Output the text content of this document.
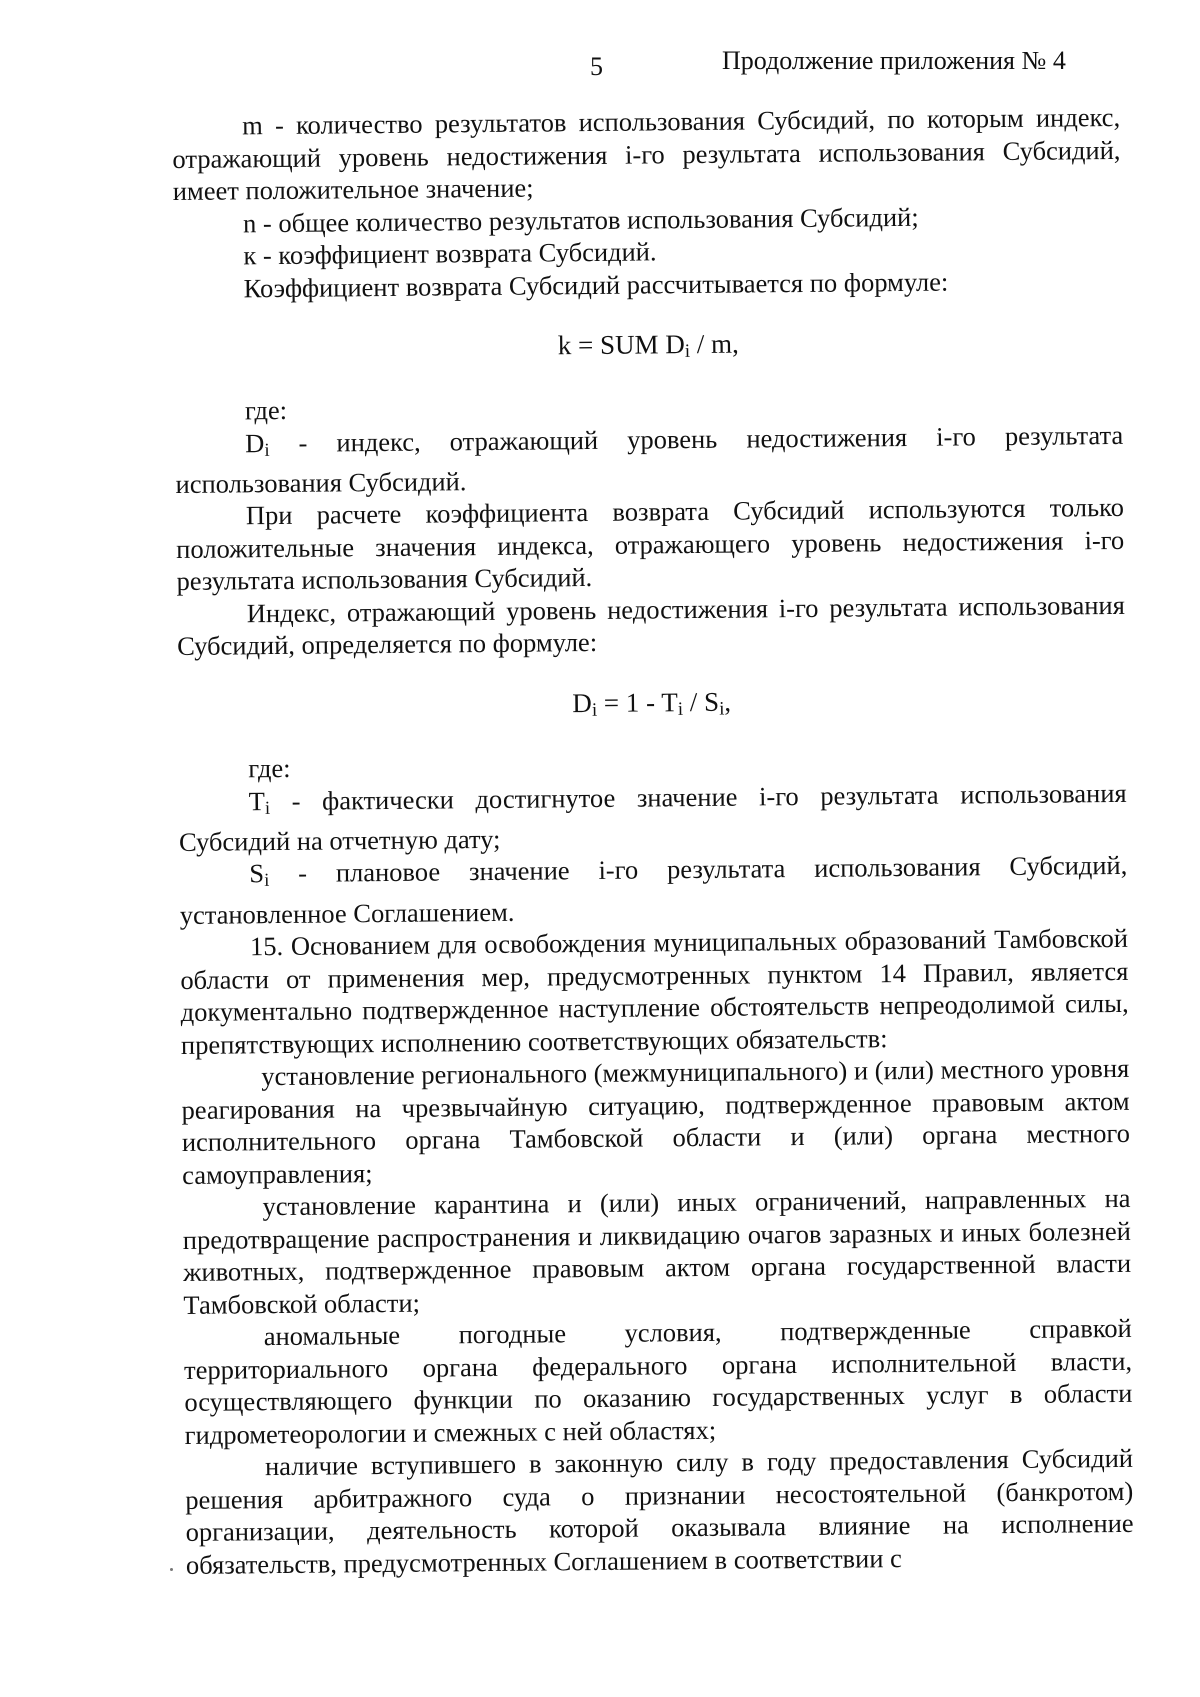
5	Продолжение приложения № 4

m - количество результатов использования Субсидий, по которым индекс, отражающий уровень недостижения i-го результата использования Субсидий, имеет положительное значение;

n - общее количество результатов использования Субсидий;

к - коэффициент возврата Субсидий.

Коэффициент возврата Субсидий рассчитывается по формуле:

k = SUM $D_i$ / m,

где:

Di - индекс, отражающий уровень недостижения i-го результата использования Субсидий.

При расчете коэффициента возврата Субсидий используются только положительные значения индекса, отражающего уровень недостижения i-го результата использования Субсидий.

Индекс, отражающий уровень недостижения i-го результата использования Субсидий, определяется по формуле:

$D_i = 1 - T_i / S_i$,

где:

Ti - фактически достигнутое значение i-го результата использования Субсидий на отчетную дату;

Si - плановое значение i-го результата использования Субсидий, установленное Соглашением.

15. Основанием для освобождения муниципальных образований Тамбовской области от применения мер, предусмотренных пунктом 14 Правил, является документально подтвержденное наступление обстоятельств непреодолимой силы, препятствующих исполнению соответствующих обязательств:

установление регионального (межмуниципального) и (или) местного уровня реагирования на чрезвычайную ситуацию, подтвержденное правовым актом исполнительного органа Тамбовской области и (или) органа местного самоуправления;

установление карантина и (или) иных ограничений, направленных на предотвращение распространения и ликвидацию очагов заразных и иных болезней животных, подтвержденное правовым актом органа государственной власти Тамбовской области;

аномальные погодные условия, подтвержденные справкой территориального органа федерального органа исполнительной власти, осуществляющего функции по оказанию государственных услуг в области гидрометеорологии и смежных с ней областях;

наличие вступившего в законную силу в году предоставления Субсидий решения арбитражного суда о признании несостоятельной (банкротом) организации, деятельность которой оказывала влияние на исполнение обязательств, предусмотренных Соглашением в соответствии с
